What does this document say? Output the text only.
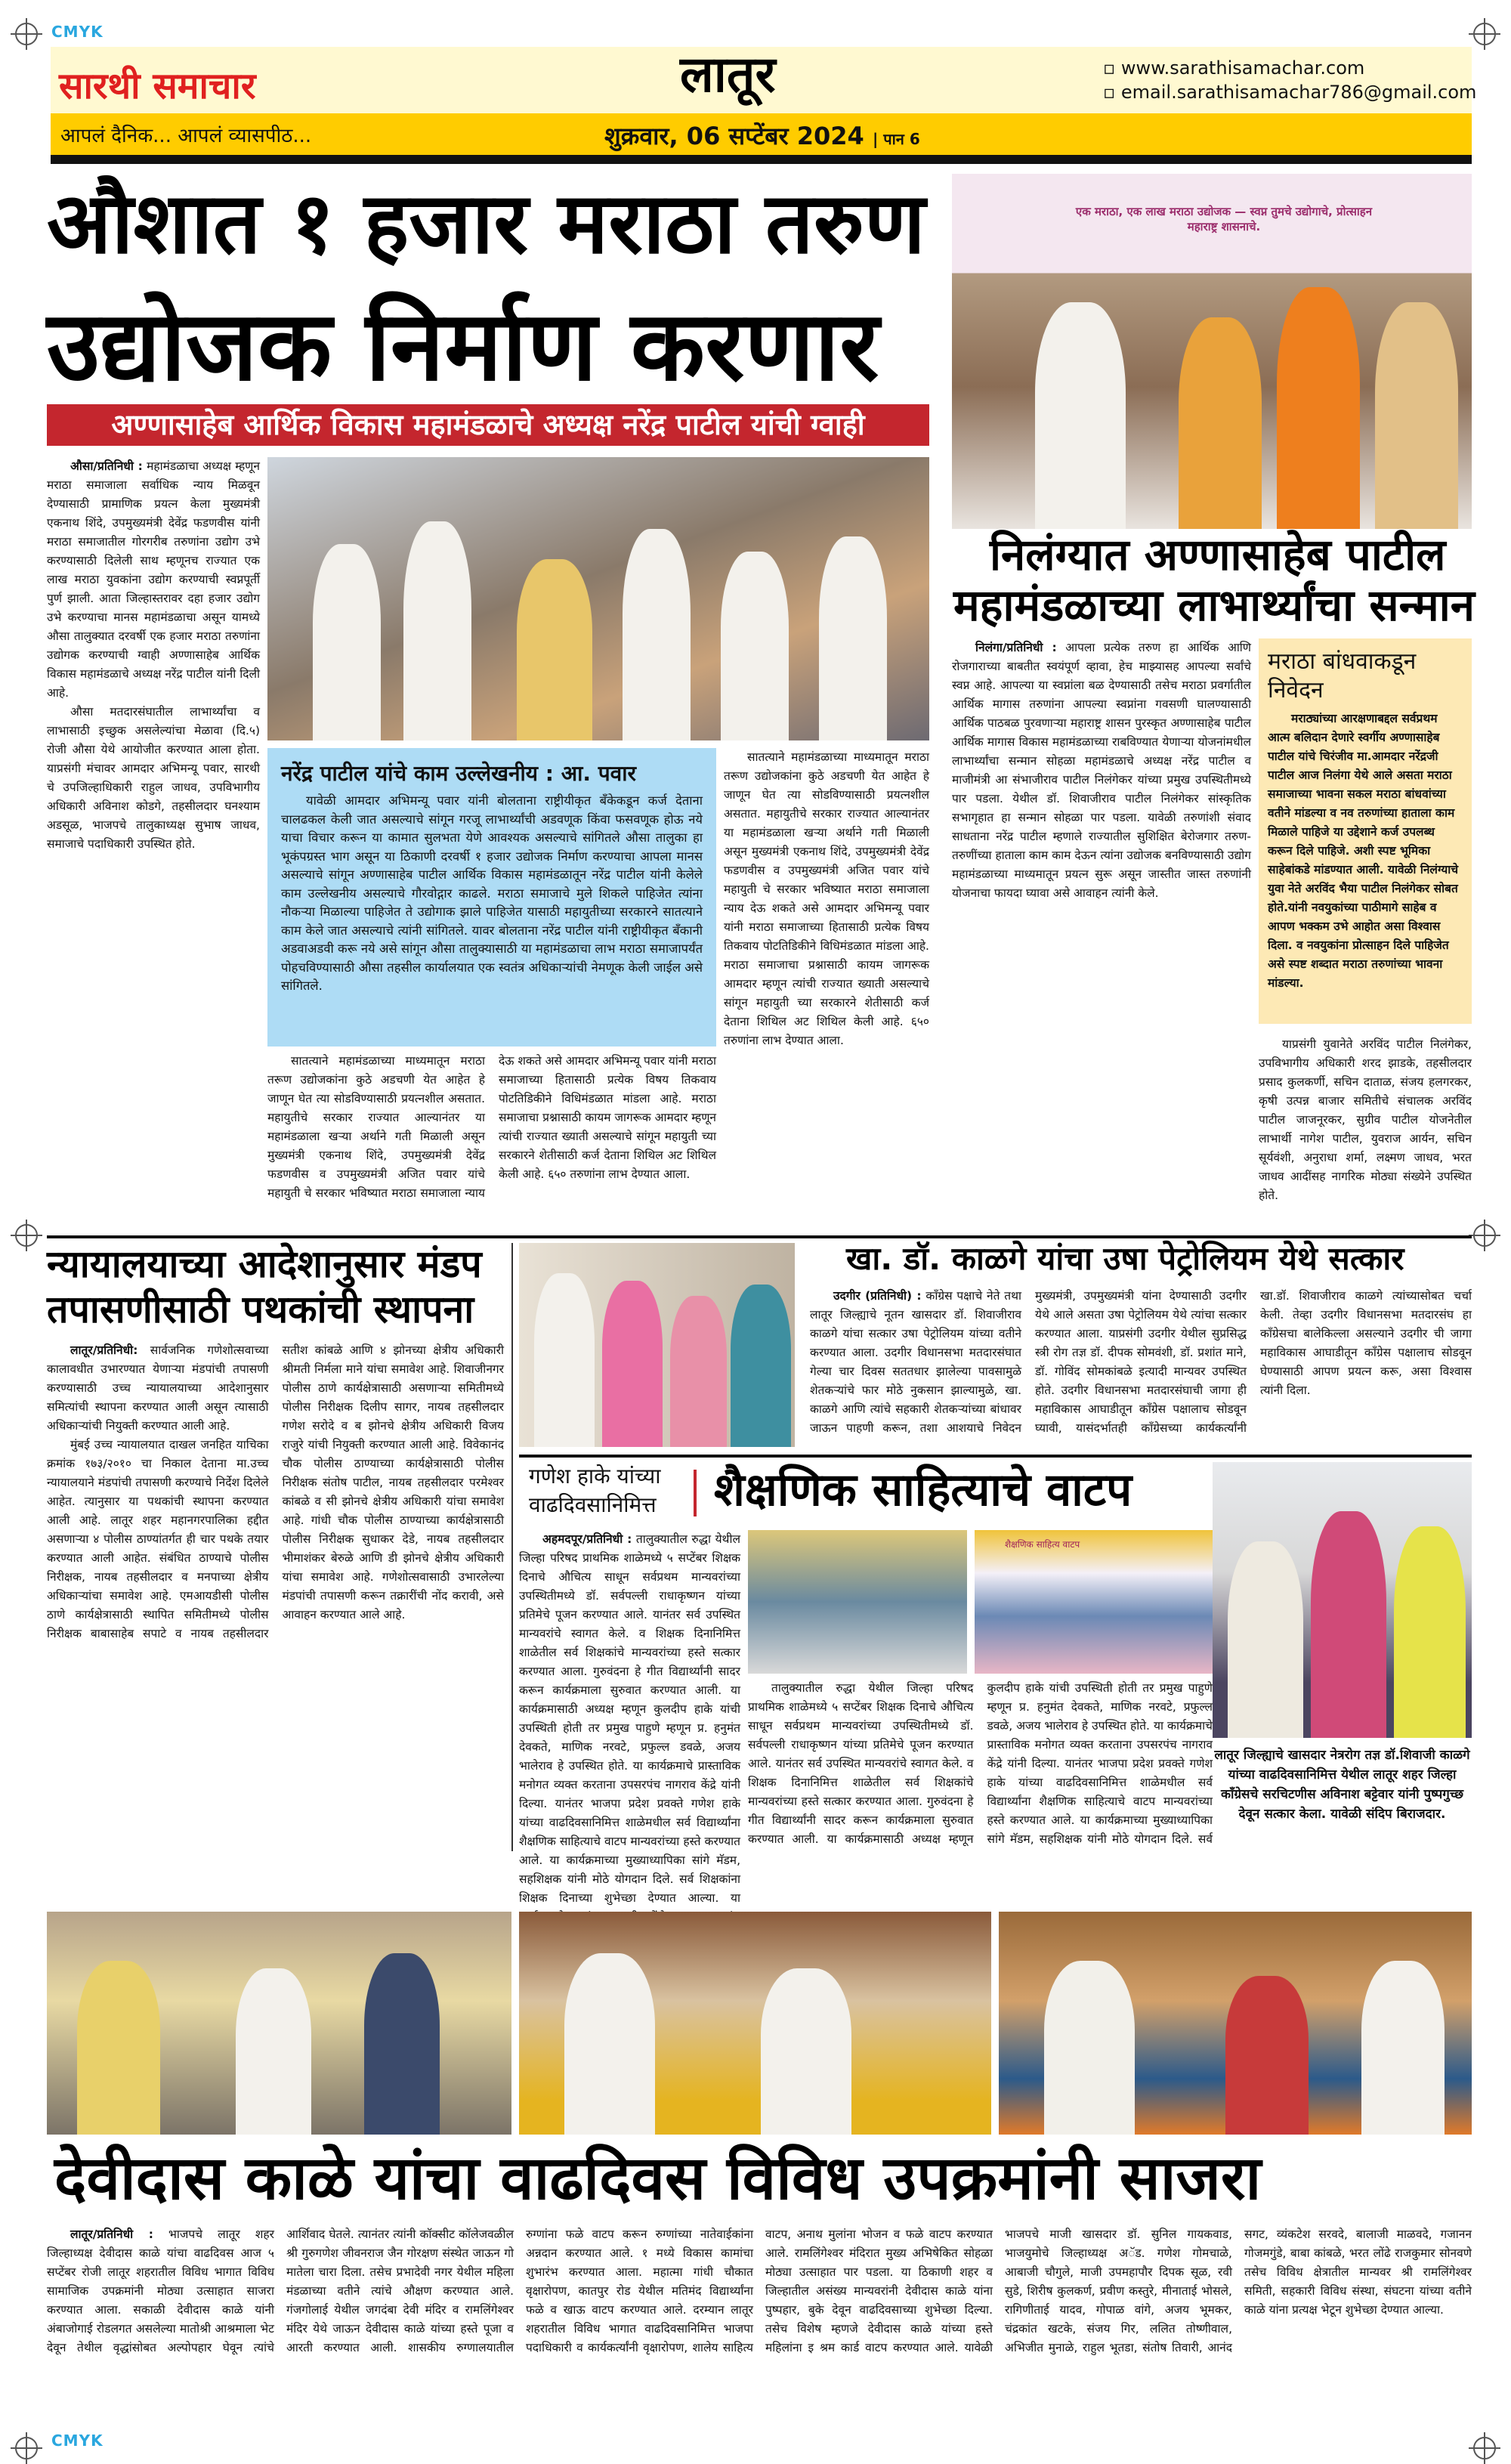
CMYK
CMYK
सारथी समाचार	लातूर	▫ www.sarathisamachar.com
▫ email.sarathisamachar786@gmail.com
आपलं दैनिक... आपलं व्यासपीठ...	शुक्रवार, 06 सप्टेंबर 2024 | पान 6
औशात १ हजार मराठा तरुण
उद्योजक निर्माण करणार
अण्णासाहेब आर्थिक विकास महामंडळाचे अध्यक्ष नरेंद्र पाटील यांची ग्वाही

औसा/प्रतिनिधी : महामंडळाचा अध्यक्ष म्हणून मराठा समाजाला सर्वाधिक न्याय मिळवून देण्यासाठी प्रामाणिक प्रयत्न केला मुख्यमंत्री एकनाथ शिंदे, उपमुख्यमंत्री देवेंद्र फडणवीस यांनी मराठा समाजातील गोरगरीब तरुणांना उद्योग उभे करण्यासाठी दिलेली साथ म्हणूनच राज्यात एक लाख मराठा युवकांना उद्योग करण्याची स्वप्नपूर्ती पुर्ण झाली. आता जिल्हास्तरावर दहा हजार उद्योग उभे करण्याचा मानस महामंडळाचा असून यामध्ये औसा तालुक्यात दरवर्षी एक हजार मराठा तरुणांना उद्योगक करण्याची ग्वाही अण्णासाहेब आर्थिक विकास महामंडळाचे अध्यक्ष नरेंद्र पाटील यांनी दिली आहे.

औसा मतदारसंघातील लाभार्थ्यांचा व लाभासाठी इच्छुक असलेल्यांचा मेळावा (दि.५) रोजी औसा येथे आयोजीत करण्यात आला होता. याप्रसंगी मंचावर आमदार अभिमन्यू पवार, सारथी चे उपजिल्हाधिकारी राहुल जाधव, उपविभागीय अधिकारी अविनाश कोडगे, तहसीलदार घनश्याम अडसूळ, भाजपचे तालुकाध्यक्ष सुभाष जाधव, समाजाचे पदाधिकारी उपस्थित होते.

नरेंद्र पाटील यांचे काम उल्लेखनीय : आ. पवार
यावेळी आमदार अभिमन्यू पवार यांनी बोलताना राष्ट्रीयीकृत बँकेकडून कर्ज देताना चालढकल केली जात असल्याचे सांगून गरजू लाभार्थ्यांची अडवणूक किंवा फसवणूक होऊ नये याचा विचार करून या कामात सुलभता येणे आवश्यक असल्याचे सांगितले औसा तालुका हा भूकंपग्रस्त भाग असून या ठिकाणी दरवर्षी १ हजार उद्योजक निर्माण करण्याचा आपला मानस असल्याचे सांगून अण्णासाहेब पाटील आर्थिक विकास महामंडळातून नरेंद्र पाटील यांनी केलेले काम उल्लेखनीय असल्याचे गौरवोद्गार काढले. मराठा समाजाचे मुले शिकले पाहिजेत त्यांना नौकऱ्या मिळाल्या पाहिजेत ते उद्योगाक झाले पाहिजेत यासाठी महायुतीच्या सरकारने सातत्याने काम केले जात असल्याचे त्यांनी सांगितले. यावर बोलताना नरेंद्र पाटील यांनी राष्ट्रीयीकृत बँकानी अडवाअडवी करू नये असे सांगून औसा तालुक्यासाठी या महामंडळाचा लाभ मराठा समाजापर्यंत पोहचविण्यासाठी औसा तहसील कार्यालयात एक स्वतंत्र अधिकाऱ्यांची नेमणूक केली जाईल असे सांगितले.

सातत्याने महामंडळाच्या माध्यमातून मराठा तरूण उद्योजकांना कुठे अडचणी येत आहेत हे जाणून घेत त्या सोडविण्यासाठी प्रयत्नशील असतात. महायुतीचे सरकार राज्यात आल्यानंतर या महामंडळाला खऱ्या अर्थाने गती मिळाली असून मुख्यमंत्री एकनाथ शिंदे, उपमुख्यमंत्री देवेंद्र फडणवीस व उपमुख्यमंत्री अजित पवार यांचे महायुती चे सरकार भविष्यात मराठा समाजाला न्याय देऊ शकते असे आमदार अभिमन्यू पवार यांनी मराठा समाजाच्या हितासाठी प्रत्येक विषय तिकवाय पोटतिडिकीने विधिमंडळात मांडला आहे. मराठा समाजाचा प्रश्नासाठी कायम जागरूक आमदार म्हणून त्यांची राज्यात ख्याती असल्याचे सांगून महायुती च्या सरकारने शेतीसाठी कर्ज देताना शिथिल अट शिथिल केली आहे. ६५० तरुणांना लाभ देण्यात आला.

सातत्याने महामंडळाच्या माध्यमातून मराठा तरूण उद्योजकांना कुठे अडचणी येत आहेत हे जाणून घेत त्या सोडविण्यासाठी प्रयत्नशील असतात. महायुतीचे सरकार राज्यात आल्यानंतर या महामंडळाला खऱ्या अर्थाने गती मिळाली असून मुख्यमंत्री एकनाथ शिंदे, उपमुख्यमंत्री देवेंद्र फडणवीस व उपमुख्यमंत्री अजित पवार यांचे महायुती चे सरकार भविष्यात मराठा समाजाला न्याय देऊ शकते असे आमदार अभिमन्यू पवार यांनी मराठा समाजाच्या हितासाठी प्रत्येक विषय तिकवाय पोटतिडिकीने विधिमंडळात मांडला आहे. मराठा समाजाचा प्रश्नासाठी कायम जागरूक आमदार म्हणून त्यांची राज्यात ख्याती असल्याचे सांगून महायुती च्या सरकारने शेतीसाठी कर्ज देताना शिथिल अट शिथिल केली आहे. ६५० तरुणांना लाभ देण्यात आला.

एक मराठा, एक लाख मराठा उद्योजक — स्वप्न तुमचे उद्योगाचे, प्रोत्साहन महाराष्ट्र शासनाचे.
निलंग्यात अण्णासाहेब पाटील
महामंडळाच्या लाभार्थ्यांचा सन्मान

निलंगा/प्रतिनिधी : आपला प्रत्येक तरुण हा आर्थिक आणि रोजगाराच्या बाबतीत स्वयंपूर्ण व्हावा, हेच माझ्यासह आपल्या सर्वांचे स्वप्न आहे. आपल्या या स्वप्नांला बळ देण्यासाठी तसेच मराठा प्रवर्गातील आर्थिक मागास तरुणांना आपल्या स्वप्नांना गवसणी घालण्यासाठी आर्थिक पाठबळ पुरवणाऱ्या महाराष्ट्र शासन पुरस्कृत अण्णासाहेब पाटील आर्थिक मागास विकास महामंडळाच्या राबविण्यात येणाऱ्या योजनांमधील लाभार्थ्यांचा सन्मान सोहळा महामंडळाचे अध्यक्ष नरेंद्र पाटील व माजीमंत्री आ संभाजीराव पाटील निलंगेकर यांच्या प्रमुख उपस्थितीमध्ये पार पडला. येथील डॉ. शिवाजीराव पाटील निलंगेकर सांस्कृतिक सभागृहात हा सन्मान सोहळा पार पडला. यावेळी तरुणांशी संवाद साधताना नरेंद्र पाटील म्हणाले राज्यातील सुशिक्षित बेरोजगार तरुण-तरुणींच्या हाताला काम काम देऊन त्यांना उद्योजक बनविण्यासाठी उद्योग महामंडळाच्या माध्यमातून प्रयत्न सुरू असून जास्तीत जास्त तरुणांनी योजनाचा फायदा घ्यावा असे आवाहन त्यांनी केले.

मराठा बांधवाकडून निवेदन
मराठ्यांच्या आरक्षणाबद्दल सर्वप्रथम आत्म बलिदान देणारे स्वर्गीय अण्णासाहेब पाटील यांचे चिरंजीव मा.आमदार नरेंद्रजी पाटील आज निलंगा येथे आले असता मराठा समाजाच्या भावना सकल मराठा बांधवांच्या वतीने मांडल्या व नव तरुणांच्या हाताला काम मिळाले पाहिजे या उद्देशाने कर्ज उपलब्ध करून दिले पाहिजे. अशी स्पष्ट भूमिका साहेबांकडे मांडण्यात आली. यावेळी निलंग्याचे युवा नेते अरविंद भैया पाटील निलंगेकर सोबत होते.यांनी नवयुकांच्या पाठीमागे साहेब व आपण भक्कम उभे आहोत असा विश्वास दिला. व नवयुकांना प्रोत्साहन दिले पाहिजेत असे स्पष्ट शब्दात मराठा तरुणांच्या भावना मांडल्या.

याप्रसंगी युवानेते अरविंद पाटील निलंगेकर, उपविभागीय अधिकारी शरद झाडके, तहसीलदार प्रसाद कुलकर्णी, सचिन दाताळ, संजय हलगरकर, कृषी उत्पन्न बाजार समितीचे संचालक अरविंद पाटील जाजनूरकर, सुग्रीव पाटील योजनेतील लाभार्थी नागेश पाटील, युवराज आर्यन, सचिन सूर्यवंशी, अनुराधा शर्मा, लक्ष्मण जाधव, भरत जाधव आदींसह नागरिक मोठ्या संख्येने उपस्थित होते.

न्यायालयाच्या आदेशानुसार मंडप
तपासणीसाठी पथकांची स्थापना

लातूर/प्रतिनिधी: सार्वजनिक गणेशोत्सवाच्या कालावधीत उभारण्यात येणाऱ्या मंडपांची तपासणी करण्यासाठी उच्च न्यायालयाच्या आदेशानुसार समित्यांची स्थापना करण्यात आली असून त्यासाठी अधिकाऱ्यांची नियुक्ती करण्यात आली आहे.

मुंबई उच्च न्यायालयात दाखल जनहित याचिका क्रमांक १७३/२०१० चा निकाल देताना मा.उच्च न्यायालयाने मंडपांची तपासणी करण्याचे निर्देश दिलेले आहेत. त्यानुसार या पथकांची स्थापना करण्यात आली आहे. लातूर शहर महानगरपालिका हद्दीत असणाऱ्या ४ पोलीस ठाण्यांतर्गत ही चार पथके तयार करण्यात आली आहेत. संबंधित ठाण्याचे पोलीस निरीक्षक, नायब तहसीलदार व मनपाच्या क्षेत्रीय अधिकाऱ्यांचा समावेश आहे. एमआयडीसी पोलीस ठाणे कार्यक्षेत्रासाठी स्थापित समितीमध्ये पोलीस निरीक्षक बाबासाहेब सपाटे व नायब तहसीलदार सतीश कांबळे आणि ४ झोनच्या क्षेत्रीय अधिकारी श्रीमती निर्मला माने यांचा समावेश आहे. शिवाजीनगर पोलीस ठाणे कार्यक्षेत्रासाठी असणाऱ्या समितीमध्ये पोलीस निरीक्षक दिलीप सागर, नायब तहसीलदार गणेश सरोदे व ब झोनचे क्षेत्रीय अधिकारी विजय राजुरे यांची नियुक्ती करण्यात आली आहे. विवेकानंद चौक पोलीस ठाण्याच्या कार्यक्षेत्रासाठी पोलीस निरीक्षक संतोष पाटील, नायब तहसीलदार परमेश्वर कांबळे व सी झोनचे क्षेत्रीय अधिकारी यांचा समावेश आहे. गांधी चौक पोलीस ठाण्याच्या कार्यक्षेत्रासाठी पोलीस निरीक्षक सुधाकर देडे, नायब तहसीलदार भीमाशंकर बेरुळे आणि डी झोनचे क्षेत्रीय अधिकारी यांचा समावेश आहे. गणेशोत्सवासाठी उभारलेल्या मंडपांची तपासणी करून तक्रारींची नोंद करावी, असे आवाहन करण्यात आले आहे.

खा. डॉ. काळगे यांचा उषा पेट्रोलियम येथे सत्कार

उदगीर (प्रतिनिधी) : काँग्रेस पक्षाचे नेते तथा लातूर जिल्ह्याचे नूतन खासदार डॉ. शिवाजीराव काळगे यांचा सत्कार उषा पेट्रोलियम यांच्या वतीने करण्यात आला. उदगीर विधानसभा मतदारसंघात गेल्या चार दिवस सततधार झालेल्या पावसामुळे शेतकऱ्यांचे फार मोठे नुकसान झाल्यामुळे, खा. काळगे आणि त्यांचे सहकारी शेतकऱ्यांच्या बांधावर जाऊन पाहणी करून, तशा आशयाचे निवेदन मुख्यमंत्री, उपमुख्यमंत्री यांना देण्यासाठी उदगीर येथे आले असता उषा पेट्रोलियम येथे त्यांचा सत्कार करण्यात आला. याप्रसंगी उदगीर येथील सुप्रसिद्ध स्त्री रोग तज्ञ डॉ. दीपक सोमवंशी, डॉ. प्रशांत माने, डॉ. गोविंद सोमकांबळे इत्यादी मान्यवर उपस्थित होते. उदगीर विधानसभा मतदारसंघाची जागा ही महाविकास आघाडीतून काँग्रेस पक्षालाच सोडवून घ्यावी, यासंदर्भातही काँग्रेसच्या कार्यकर्त्यांनी खा.डॉ. शिवाजीराव काळगे त्यांच्यासोबत चर्चा केली. तेव्हा उदगीर विधानसभा मतदारसंघ हा काँग्रेसचा बालेकिल्ला असल्याने उदगीर ची जागा महाविकास आघाडीतून काँग्रेस पक्षालाच सोडवून घेण्यासाठी आपण प्रयत्न करू, असा विश्वास त्यांनी दिला.

गणेश हाके यांच्या
वाढदिवसानिमित्त शैक्षणिक साहित्याचे वाटप

अहमदपूर/प्रतिनिधी : तालुक्यातील रुद्धा येथील जिल्हा परिषद प्राथमिक शाळेमध्ये ५ सप्टेंबर शिक्षक दिनाचे औचित्य साधून सर्वप्रथम मान्यवरांच्या उपस्थितीमध्ये डॉ. सर्वपल्ली राधाकृष्णन यांच्या प्रतिमेचे पूजन करण्यात आले. यानंतर सर्व उपस्थित मान्यवरांचे स्वागत केले. व शिक्षक दिनानिमित्त शाळेतील सर्व शिक्षकांचे मान्यवरांच्या हस्ते सत्कार करण्यात आला. गुरुवंदना हे गीत विद्यार्थ्यांनी सादर करून कार्यक्रमाला सुरुवात करण्यात आली. या कार्यक्रमासाठी अध्यक्ष म्हणून कुलदीप हाके यांची उपस्थिती होती तर प्रमुख पाहुणे म्हणून प्र. हनुमंत देवकते, माणिक नरवटे, प्रफुल्ल डवळे, अजय भालेराव हे उपस्थित होते. या कार्यक्रमाचे प्रास्ताविक मनोगत व्यक्त करताना उपसरपंच नागराव केंद्रे यांनी दिल्या. यानंतर भाजपा प्रदेश प्रवक्ते गणेश हाके यांच्या वाढदिवसानिमित्त शाळेमधील सर्व विद्यार्थ्यांना शैक्षणिक साहित्याचे वाटप मान्यवरांच्या हस्ते करण्यात आले. या कार्यक्रमाच्या मुख्याध्यापिका सांगे मॅडम, सहशिक्षक यांनी मोठे योगदान दिले. सर्व शिक्षकांना शिक्षक दिनाच्या शुभेच्छा देण्यात आल्या. या

शैक्षणिक साहित्य वाटप

तालुक्यातील रुद्धा येथील जिल्हा परिषद प्राथमिक शाळेमध्ये ५ सप्टेंबर शिक्षक दिनाचे औचित्य साधून सर्वप्रथम मान्यवरांच्या उपस्थितीमध्ये डॉ. सर्वपल्ली राधाकृष्णन यांच्या प्रतिमेचे पूजन करण्यात आले. यानंतर सर्व उपस्थित मान्यवरांचे स्वागत केले. व शिक्षक दिनानिमित्त शाळेतील सर्व शिक्षकांचे मान्यवरांच्या हस्ते सत्कार करण्यात आला. गुरुवंदना हे गीत विद्यार्थ्यांनी सादर करून कार्यक्रमाला सुरुवात करण्यात आली. या कार्यक्रमासाठी अध्यक्ष म्हणून कुलदीप हाके यांची उपस्थिती होती तर प्रमुख पाहुणे म्हणून प्र. हनुमंत देवकते, माणिक नरवटे, प्रफुल्ल डवळे, अजय भालेराव हे उपस्थित होते. या कार्यक्रमाचे प्रास्ताविक मनोगत व्यक्त करताना उपसरपंच नागराव केंद्रे यांनी दिल्या. यानंतर भाजपा प्रदेश प्रवक्ते गणेश हाके यांच्या वाढदिवसानिमित्त शाळेमधील सर्व विद्यार्थ्यांना शैक्षणिक साहित्याचे वाटप मान्यवरांच्या हस्ते करण्यात आले. या कार्यक्रमाच्या मुख्याध्यापिका सांगे मॅडम, सहशिक्षक यांनी मोठे योगदान दिले. सर्व

लातूर जिल्ह्याचे खासदार नेत्ररोग तज्ञ डॉ.शिवाजी काळगे यांच्या वाढदिवसानिमित्त येथील लातूर शहर जिल्हा कॉंग्रेसचे सरचिटणीस अविनाश बट्टेवार यांनी पुष्पगुच्छ देवून सत्कार केला. यावेळी संदिप बिराजदार.
देवीदास काळे यांचा वाढदिवस विविध उपक्रमांनी साजरा

लातूर/प्रतिनिधी : भाजपचे लातूर शहर जिल्हाध्यक्ष देवीदास काळे यांचा वाढदिवस आज ५ सप्टेंबर रोजी लातूर शहरातील विविध भागात विविध सामाजिक उपक्रमांनी मोठ्या उत्साहात साजरा करण्यात आला. सकाळी देवीदास काळे यांनी अंबाजोगाई रोडलगत असलेल्या मातोश्री आश्रमाला भेट देवून तेथील वृद्धांसोबत अल्पोपहार घेवून त्यांचे आर्शिवाद घेतले. त्यानंतर त्यांनी कॉक्सीट कॉलेजवळील श्री गुरुगणेश जीवनराज जैन गोरक्षण संस्थेत जाऊन गो मातेला चारा दिला. तसेच प्रभादेवी नगर येथील महिला मंडळाच्या वतीने त्यांचे औक्षण करण्यात आले. गंजगोलाई येथील जगदंबा देवी मंदिर व रामलिंगेश्वर मंदिर येथे जाऊन देवीदास काळे यांच्या हस्ते पूजा व आरती करण्यात आली. शासकीय रुग्णालयातील रुग्णांना फळे वाटप करून रुग्णांच्या नातेवाईकांना अन्नदान करण्यात आले. १ मध्ये विकास कामांचा शुभारंभ करण्यात आला. महात्मा गांधी चौकात वृक्षारोपण, कातपुर रोड येथील मतिमंद विद्यार्थ्यांना फळे व खाऊ वाटप करण्यात आले. दरम्यान लातूर शहरातील विविध भागात वाढदिवसानिमित्त भाजपा पदाधिकारी व कार्यकर्त्यांनी वृक्षारोपण, शालेय साहित्य वाटप, अनाथ मुलांना भोजन व फळे वाटप करण्यात आले. रामलिंगेश्वर मंदिरात मुख्य अभिषेकित सोहळा मोठ्या उत्साहात पार पडला. या ठिकाणी शहर व जिल्हातील असंख्य मान्यवरांनी देवीदास काळे यांना पुष्पहार, बुके देवून वाढदिवसाच्या शुभेच्छा दिल्या. तसेच विशेष म्हणजे देवीदास काळे यांच्या हस्ते महिलांना इ श्रम कार्ड वाटप करण्यात आले. यावेळी भाजपचे माजी खासदार डॉ. सुनिल गायकवाड, भाजयुमोचे जिल्हाध्यक्ष अॅड. गणेश गोमचाळे, आबाजी चौगुले, माजी उपमहापौर दिपक सूळ, रवी सुडे, शिरीष कुलकर्ण, प्रवीण कस्तुरे, मीनाताई भोसले, रागिणीताई यादव, गोपाळ वांगे, अजय भूमकर, चंद्रकांत खटके, संजय गिर, ललित तोष्णीवाल, अभिजीत मुनाळे, राहुल भूतडा, संतोष तिवारी, आनंद सगट, व्यंकटेश सरवदे, बालाजी माळवदे, गजानन गोजमगुंडे, बाबा कांबळे, भरत लोंढे राजकुमार सोनवणे तसेच विविध क्षेत्रातील मान्यवर श्री रामलिंगेश्वर समिती, सहकारी विविध संस्था, संघटना यांच्या वतीने काळे यांना प्रत्यक्ष भेटून शुभेच्छा देण्यात आल्या.
